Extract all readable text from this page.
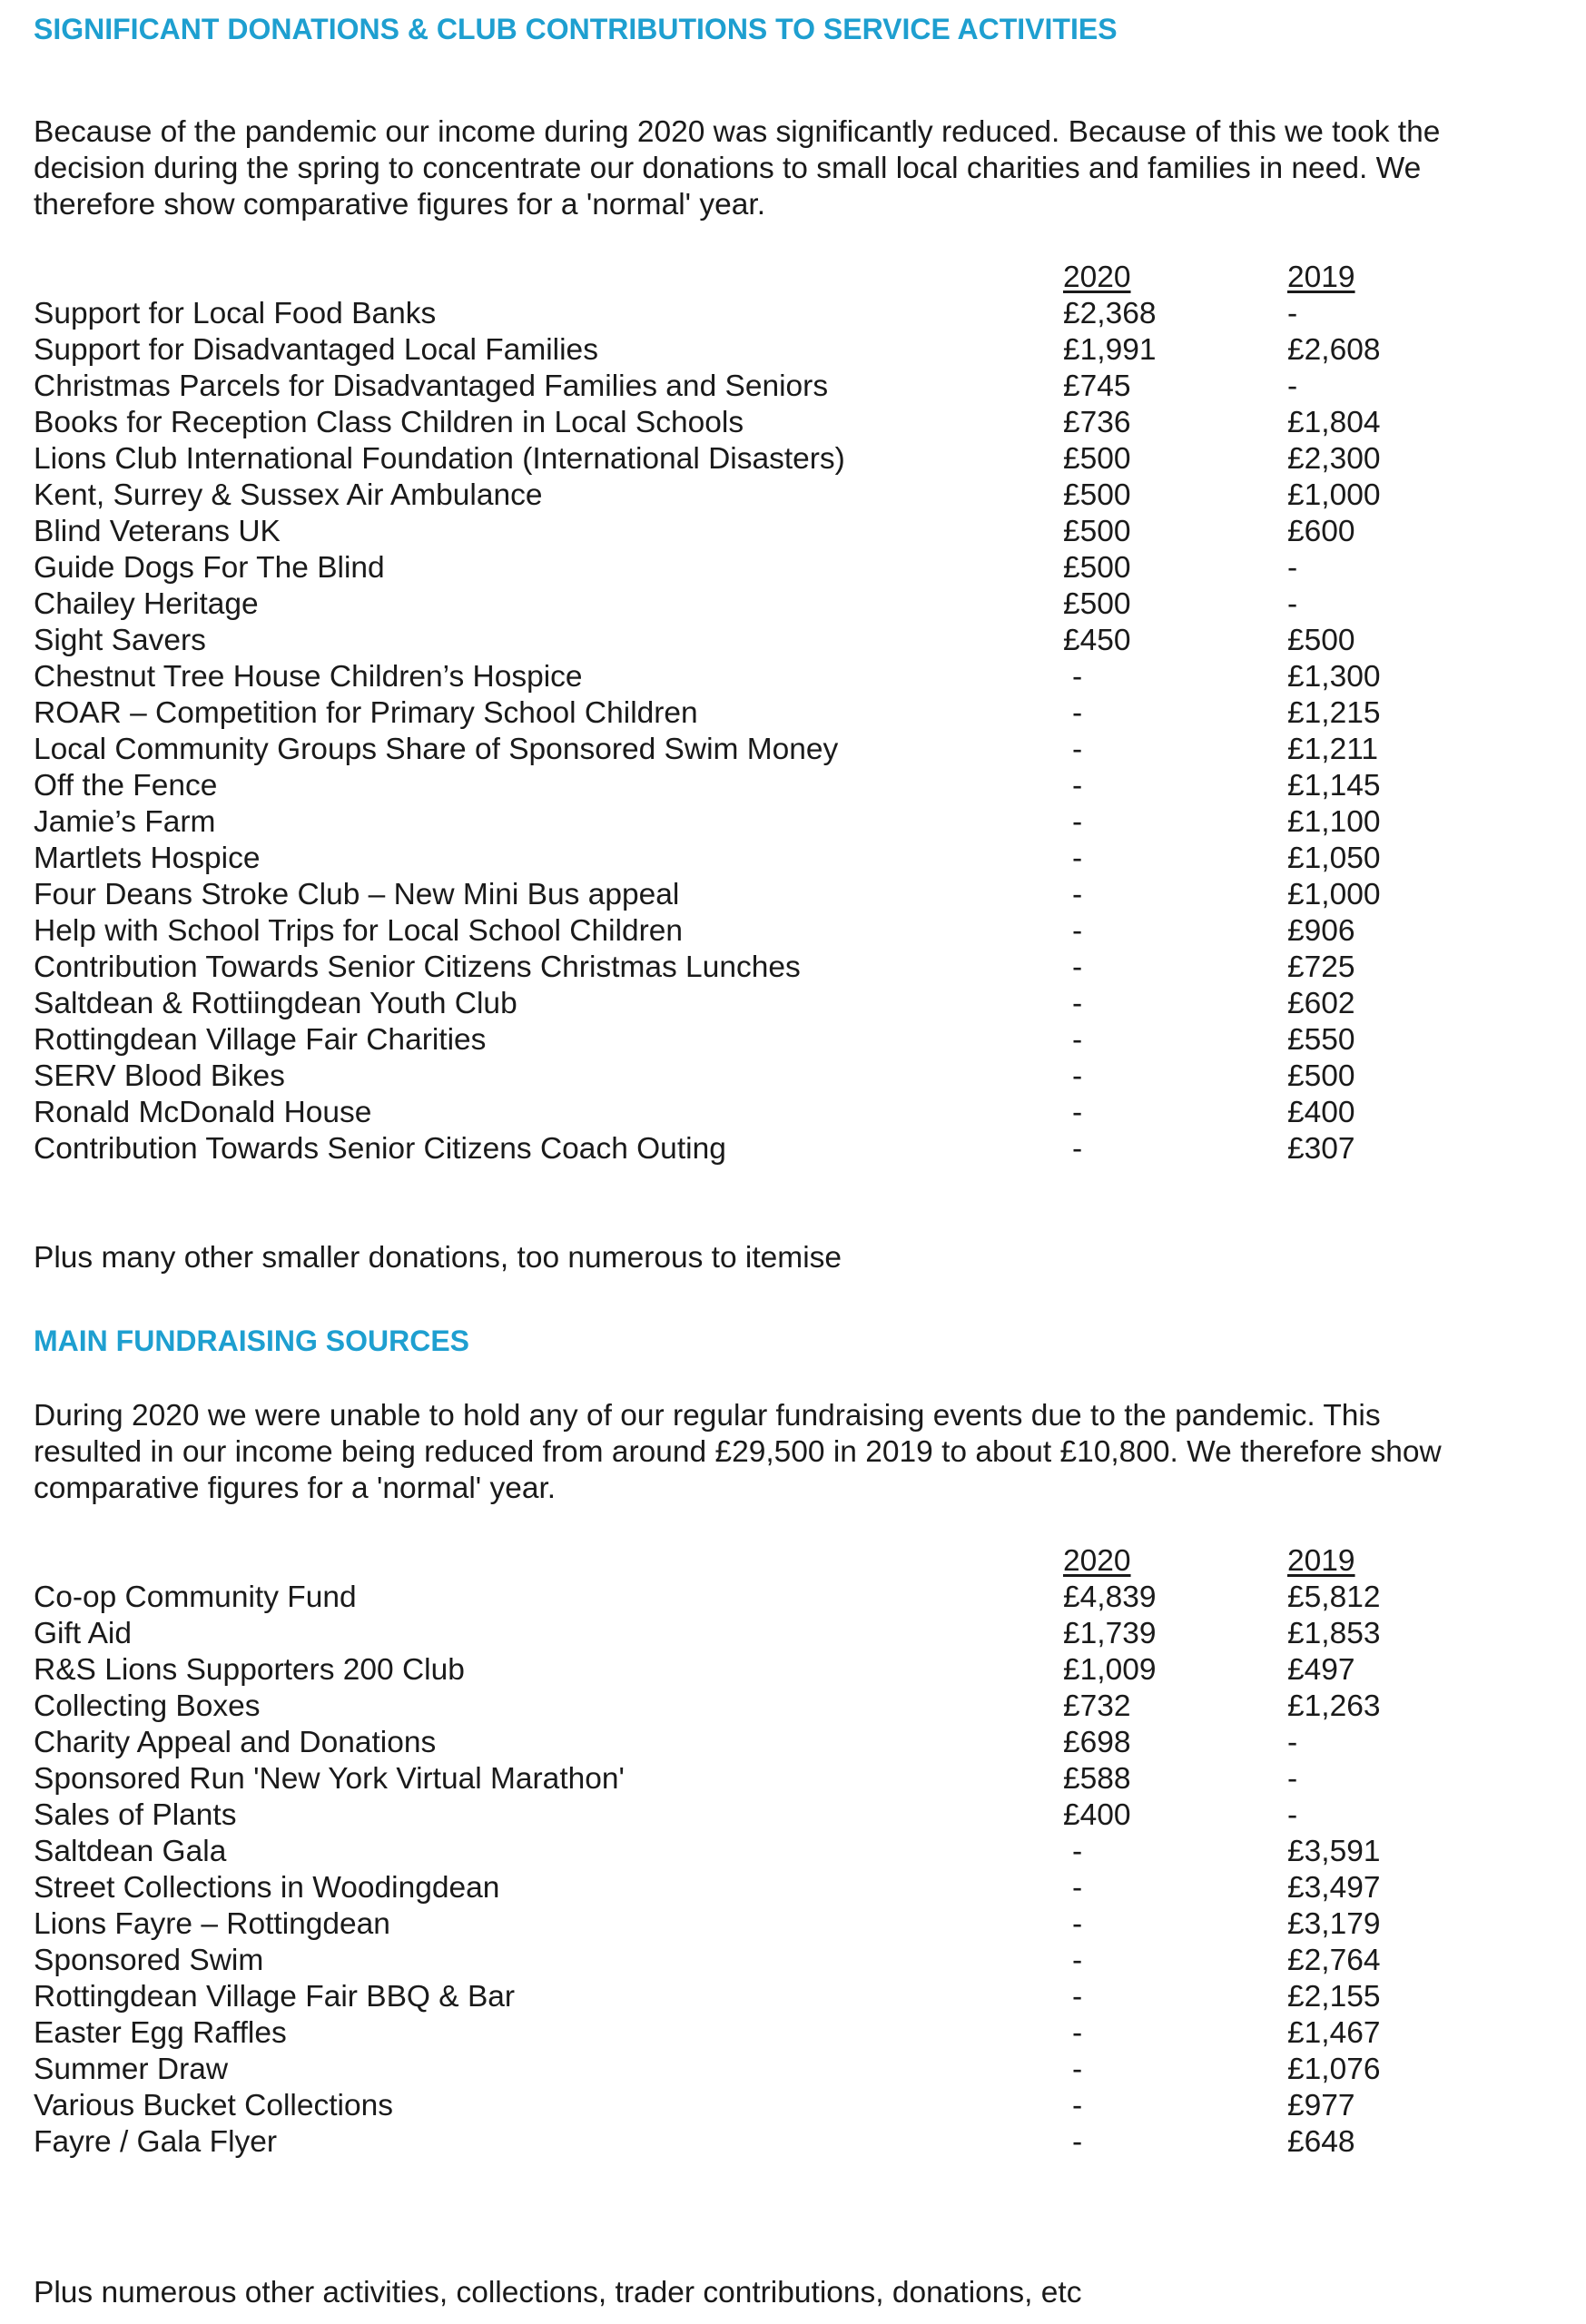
SIGNIFICANT DONATIONS & CLUB CONTRIBUTIONS TO SERVICE ACTIVITIES

Because of the pandemic our income during 2020 was significantly reduced. Because of this we took the
decision during the spring to concentrate our donations to small local charities and families in need. We
therefore show comparative figures for a 'normal' year.

2020	2019
Support for Local Food Banks	£2,368	-
Support for Disadvantaged Local Families	£1,991	£2,608
Christmas Parcels for Disadvantaged Families and Seniors	£745	-
Books for Reception Class Children in Local Schools	£736	£1,804
Lions Club International Foundation (International Disasters)	£500	£2,300
Kent, Surrey & Sussex Air Ambulance	£500	£1,000
Blind Veterans UK	£500	£600
Guide Dogs For The Blind	£500	-
Chailey Heritage	£500	-
Sight Savers	£450	£500
Chestnut Tree House Children’s Hospice	-	£1,300
ROAR – Competition for Primary School Children	-	£1,215
Local Community Groups Share of Sponsored Swim Money	-	£1,211
Off the Fence	-	£1,145
Jamie’s Farm	-	£1,100
Martlets Hospice	-	£1,050
Four Deans Stroke Club – New Mini Bus appeal	-	£1,000
Help with School Trips for Local School Children	-	£906
Contribution Towards Senior Citizens Christmas Lunches	-	£725
Saltdean & Rottiingdean Youth Club	-	£602
Rottingdean Village Fair Charities	-	£550
SERV Blood Bikes	-	£500
Ronald McDonald House	-	£400
Contribution Towards Senior Citizens Coach Outing	-	£307

Plus many other smaller donations, too numerous to itemise

MAIN FUNDRAISING SOURCES

During 2020 we were unable to hold any of our regular fundraising events due to the pandemic. This
resulted in our income being reduced from around £29,500 in 2019 to about £10,800. We therefore show
comparative figures for a 'normal' year.

2020	2019
Co-op Community Fund	£4,839	£5,812
Gift Aid	£1,739	£1,853
R&S Lions Supporters 200 Club	£1,009	£497
Collecting Boxes	£732	£1,263
Charity Appeal and Donations	£698	-
Sponsored Run 'New York Virtual Marathon'	£588	-
Sales of Plants	£400	-
Saltdean Gala	-	£3,591
Street Collections in Woodingdean	-	£3,497
Lions Fayre – Rottingdean	-	£3,179
Sponsored Swim	-	£2,764
Rottingdean Village Fair BBQ & Bar	-	£2,155
Easter Egg Raffles	-	£1,467
Summer Draw	-	£1,076
Various Bucket Collections	-	£977
Fayre / Gala Flyer	-	£648

Plus numerous other activities, collections, trader contributions, donations, etc
